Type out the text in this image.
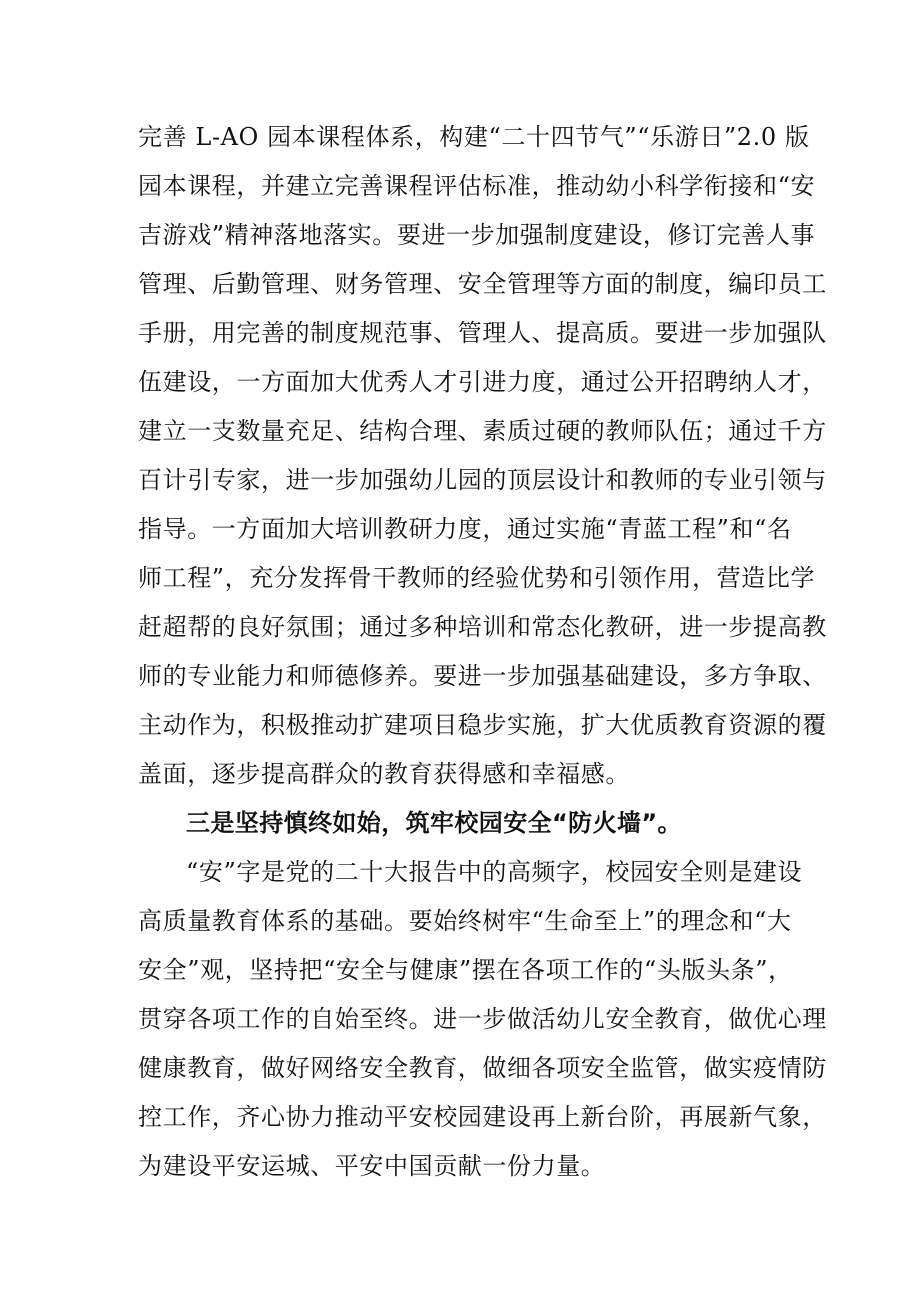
完善 L-AO 园本课程体系，构建“二十四节气”“乐游日”2.0 版
园本课程，并建立完善课程评估标准，推动幼小科学衔接和“安
吉游戏”精神落地落实。要进一步加强制度建设，修订完善人事
管理、后勤管理、财务管理、安全管理等方面的制度，编印员工
手册，用完善的制度规范事、管理人、提高质。要进一步加强队
伍建设，一方面加大优秀人才引进力度，通过公开招聘纳人才，
建立一支数量充足、结构合理、素质过硬的教师队伍；通过千方
百计引专家，进一步加强幼儿园的顶层设计和教师的专业引领与
指导。一方面加大培训教研力度，通过实施“青蓝工程”和“名
师工程”，充分发挥骨干教师的经验优势和引领作用，营造比学
赶超帮的良好氛围；通过多种培训和常态化教研，进一步提高教
师的专业能力和师德修养。要进一步加强基础建设，多方争取、
主动作为，积极推动扩建项目稳步实施，扩大优质教育资源的覆
盖面，逐步提高群众的教育获得感和幸福感。
三是坚持慎终如始，筑牢校园安全“防火墙”。
“安”字是党的二十大报告中的高频字，校园安全则是建设
高质量教育体系的基础。要始终树牢“生命至上”的理念和“大
安全”观，坚持把“安全与健康”摆在各项工作的“头版头条”，
贯穿各项工作的自始至终。进一步做活幼儿安全教育，做优心理
健康教育，做好网络安全教育，做细各项安全监管，做实疫情防
控工作，齐心协力推动平安校园建设再上新台阶，再展新气象，
为建设平安运城、平安中国贡献一份力量。
